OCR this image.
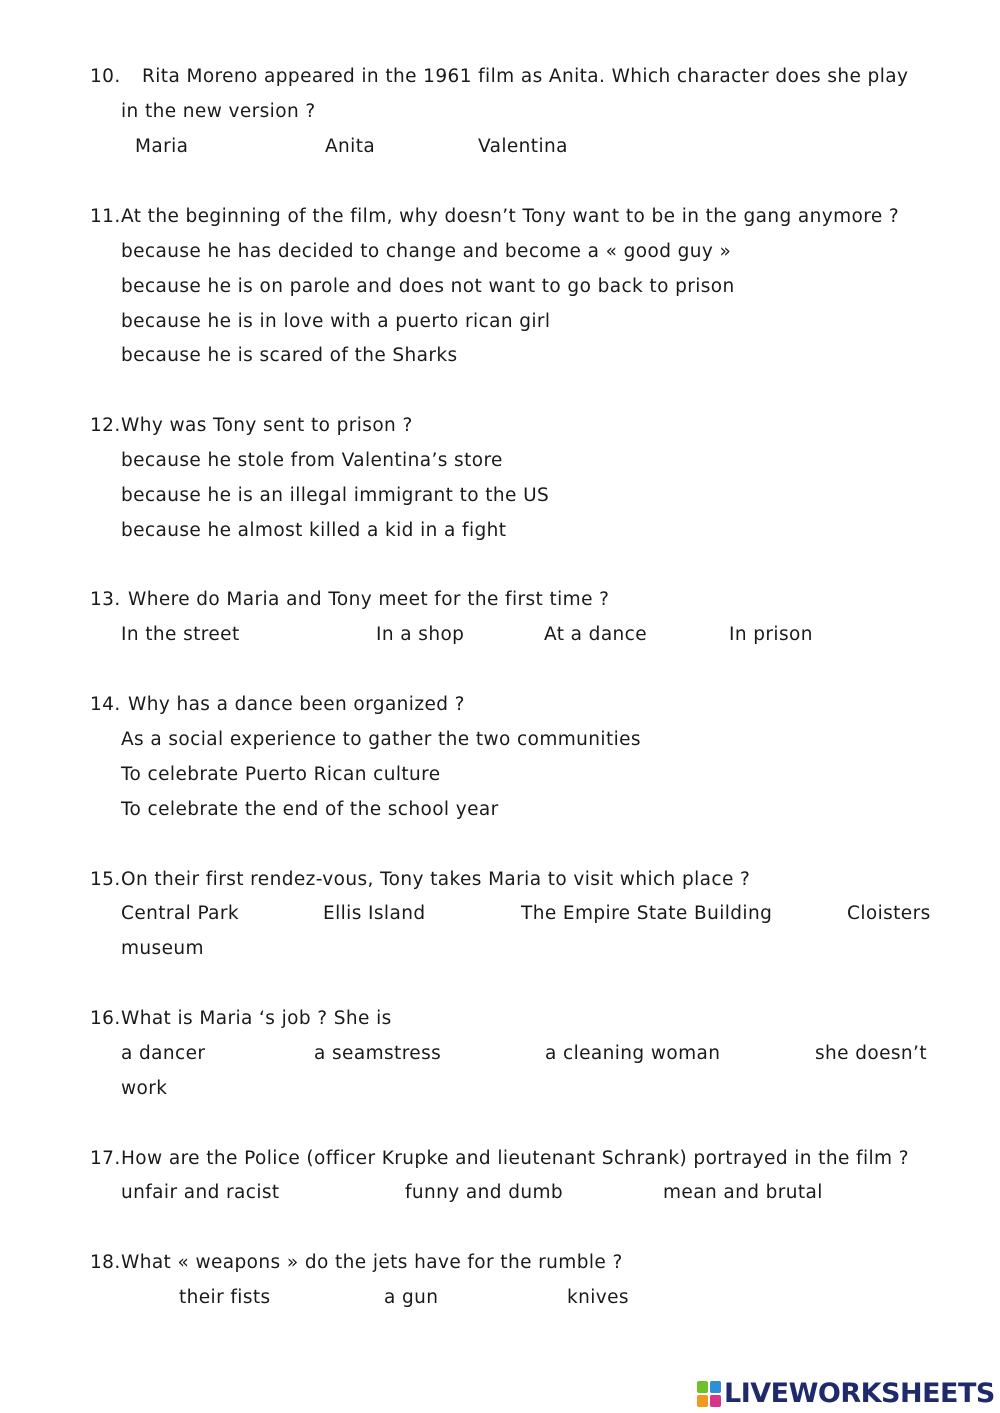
10. Rita Moreno appeared in the 1961 film as Anita. Which character does she play
in the new version ?
Maria	Anita	Valentina
11. At the beginning of the film, why doesn’t Tony want to be in the gang anymore ?
because he has decided to change and become a « good guy »
because he is on parole and does not want to go back to prison
because he is in love with a puerto rican girl
because he is scared of the Sharks
12. Why was Tony sent to prison ?
because he stole from Valentina’s store
because he is an illegal immigrant to the US
because he almost killed a kid in a fight
13. Where do Maria and Tony meet for the first time ?
In the street	In a shop	At a dance	In prison
14. Why has a dance been organized ?
As a social experience to gather the two communities
To celebrate Puerto Rican culture
To celebrate the end of the school year
15. On their first rendez-vous, Tony takes Maria to visit which place ?
Central Park	Ellis Island	The Empire State Building	Cloisters
museum
16. What is Maria ‘s job ? She is
a dancer	a seamstress	a cleaning woman	she doesn’t
work
17. How are the Police (officer Krupke and lieutenant Schrank) portrayed in the film ?
unfair and racist	funny and dumb	mean and brutal
18. What « weapons » do the jets have for the rumble ?
their fists	a gun	knives
LIVEWORKSHEETS
